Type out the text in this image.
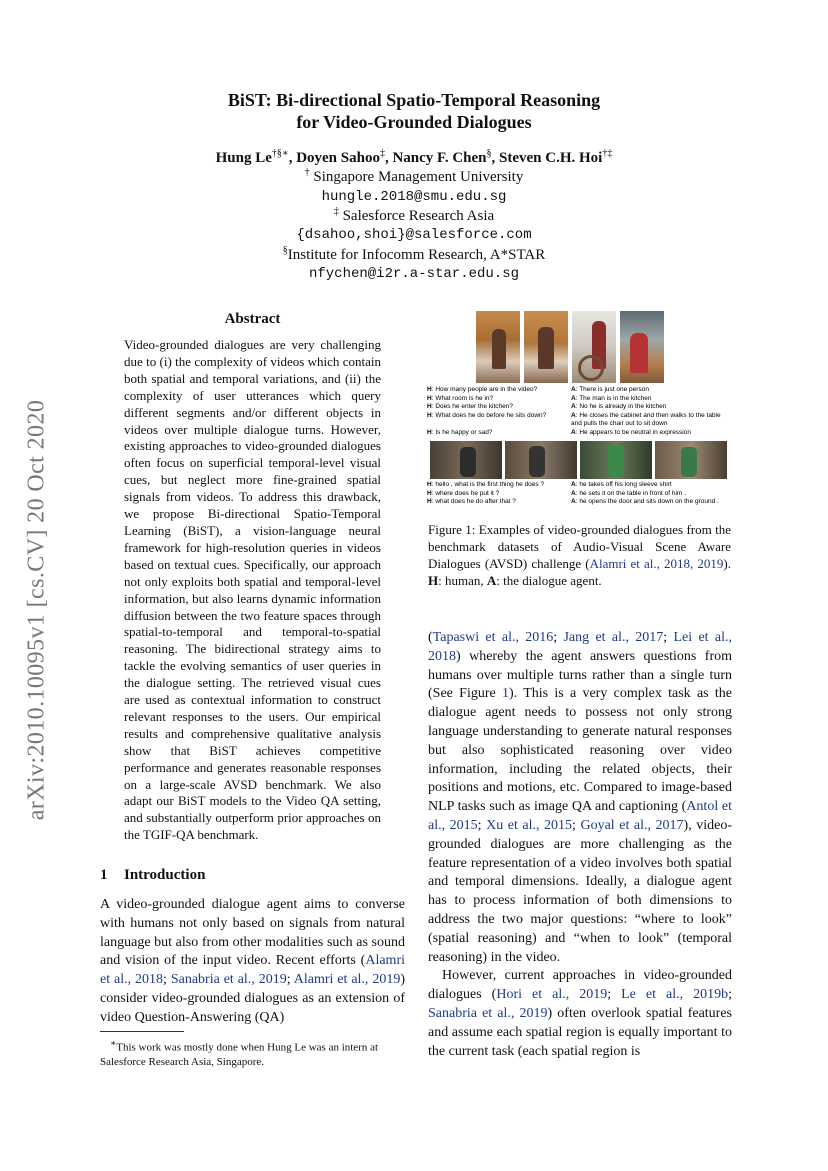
arXiv:2010.10095v1 [cs.CV] 20 Oct 2020
BiST: Bi-directional Spatio-Temporal Reasoning
for Video-Grounded Dialogues
Hung Le†§∗, Doyen Sahoo‡, Nancy F. Chen§, Steven C.H. Hoi†‡
† Singapore Management University
hungle.2018@smu.edu.sg
‡ Salesforce Research Asia
{dsahoo,shoi}@salesforce.com
§Institute for Infocomm Research, A*STAR
nfychen@i2r.a-star.edu.sg
Abstract
Video-grounded dialogues are very challenging due to (i) the complexity of videos which contain both spatial and temporal variations, and (ii) the complexity of user utterances which query different segments and/or different objects in videos over multiple dialogue turns. However, existing approaches to video-grounded dialogues often focus on superficial temporal-level visual cues, but neglect more fine-grained spatial signals from videos. To address this drawback, we propose Bi-directional Spatio-Temporal Learning (BiST), a vision-language neural framework for high-resolution queries in videos based on textual cues. Specifically, our approach not only exploits both spatial and temporal-level information, but also learns dynamic information diffusion between the two feature spaces through spatial-to-temporal and temporal-to-spatial reasoning. The bidirectional strategy aims to tackle the evolving semantics of user queries in the dialogue setting. The retrieved visual cues are used as contextual information to construct relevant responses to the users. Our empirical results and comprehensive qualitative analysis show that BiST achieves competitive performance and generates reasonable responses on a large-scale AVSD benchmark. We also adapt our BiST models to the Video QA setting, and substantially outperform prior approaches on the TGIF-QA benchmark.
1 Introduction

A video-grounded dialogue agent aims to converse with humans not only based on signals from natural language but also from other modalities such as sound and vision of the input video. Recent efforts (Alamri et al., 2018; Sanabria et al., 2019; Alamri et al., 2019) consider video-grounded dialogues as an extension of video Question-Answering (QA)

∗This work was mostly done when Hung Le was an intern at Salesforce Research Asia, Singapore.
H: How many people are in the video?
H: What room is he in?
H: Does he enter the kitchen?
H: What does he do before he sits down?
H: Is he happy or sad?
A: There is just one person
A: The man is in the kitchen
A: No he is already in the kitchen
A: He closes the cabinet and then walks to the table and pulls the chair out to sit down
A: He appears to be neutral in expression
H: hello , what is the first thing he does ?
H: where does he put it ?
H: what does he do after that ?
A: he takes off his long sleeve shirt
A: he sets it on the table in front of him .
A: he opens the door and sits down on the ground .
Figure 1: Examples of video-grounded dialogues from the benchmark datasets of Audio-Visual Scene Aware Dialogues (AVSD) challenge (Alamri et al., 2018, 2019). H: human, A: the dialogue agent.

(Tapaswi et al., 2016; Jang et al., 2017; Lei et al., 2018) whereby the agent answers questions from humans over multiple turns rather than a single turn (See Figure 1). This is a very complex task as the dialogue agent needs to possess not only strong language understanding to generate natural responses but also sophisticated reasoning over video information, including the related objects, their positions and motions, etc. Compared to image-based NLP tasks such as image QA and captioning (Antol et al., 2015; Xu et al., 2015; Goyal et al., 2017), video-grounded dialogues are more challenging as the feature representation of a video involves both spatial and temporal dimensions. Ideally, a dialogue agent has to process information of both dimensions to address the two major questions: “where to look” (spatial reasoning) and “when to look” (temporal reasoning) in the video.

However, current approaches in video-grounded dialogues (Hori et al., 2019; Le et al., 2019b; Sanabria et al., 2019) often overlook spatial features and assume each spatial region is equally important to the current task (each spatial region is
